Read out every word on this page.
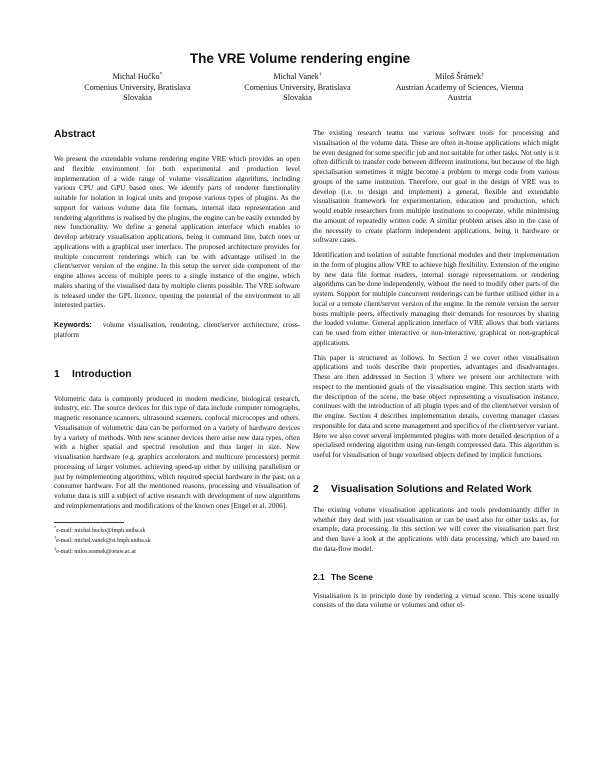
The VRE Volume rendering engine
Michal Hučko*
Comenius University, Bratislava
Slovakia
Michal Vanek†
Comenius University, Bratislava
Slovakia
Miloš Šrámek‡
Austrian Academy of Sciences, Vienna
Austria
Abstract

We present the extendable volume rendering engine VRE which provides an open and flexible environment for both experimental and production level implementation of a wide range of volume visualization algorithms, including various CPU and GPU based ones. We identify parts of renderer functionality suitable for isolation in logical units and propose various types of plugins. As the support for various volume data file formats, internal data representation and rendering algorithms is realised by the plugins, the engine can be easily extended by new functionality. We define a general application interface which enables to develop arbitrary visualisation applications, being it command line, batch ones or applications with a graphical user interface. The proposed architecture provides for multiple concurrent renderings which can be with advantage utilised in the client/server version of the engine. In this setup the server side component of the engine allows access of multiple peers to a single instance of the engine, which makes sharing of the visualised data by multiple clients possible. The VRE software is released under the GPL licence, opening the potential of the environment to all interested parties.

Keywords: volume visualisation, rendering, client/server architecture, cross-platform

1 Introduction

Volumetric data is commonly produced in modern medicine, biological research, industry, etc. The source devices for this type of data include computer tomographs, magnetic resonance scanners, ultrasound scanners, confocal microcopes and others. Visualisation of volumetric data can be performed on a variety of hardware devices by a variety of methods. With new scanner devices there arise new data types, often with a higher spatial and spectral resolution and thus larger in size. New visualisation hardware (e.g. graphics accelerators and multicore processors) permit processing of larger volumes, achieving speed-up either by utilising parallelism or just by reimplementing algorithms, which required special hardware in the past, on a consumer hardware. For all the mentioned reasons, processing and visualisation of volume data is still a subject of active research with development of new algorithms and reimplementations and modifications of the known ones [Engel et al. 2006].

*e-mail: michal.hucko@fmph.uniba.sk
†e-mail: michal.vanek@st.fmph.uniba.sk
‡e-mail: milos.sramek@oeaw.ac.at

The existing research teams use various software tools for processing and visualisation of the volume data. These are often in-house applications which might be even designed for some specific job and not suitable for other tasks. Not only is it often difficult to transfer code between different institutions, but because of the high specialisation sometimes it might become a problem to merge code from various groups of the same institution. Therefore, our goal in the design of VRE was to develop (i.e. to design and implement) a general, flexible and extendable visualisation framework for experimentation, education and production, which would enable researchers from multiple institutions to cooperate, while minimising the amount of repeatedly written code. A similar problem arises also in the case of the necessity to create platform independent applications, being it hardware or software cases.

Identification and isolation of suitable functional modules and their implementation in the form of plugins allow VRE to achieve high flexibility. Extension of the engine by new data file format readers, internal storage representations or rendering algorithms can be done independently, without the need to modify other parts of the system. Support for multiple concurrent renderings can be further utilised either in a local or a remote client/server version of the engine. In the remote version the server hosts multiple peers, effectively managing their demands for resources by sharing the loaded volume. General application interface of VRE allows that both variants can be used from either interactive or non-interactive, graphical or non-graphical applications.

This paper is structured as follows. In Section 2 we cover other visualisation applications and tools describe their properties, advantages and disadvantages. These are then addressed in Section 3 where we present our architecture with respect to the mentioned goals of the visualisation engine. This section starts with the description of the scene, the base object representing a visualisation instance, continues with the introduction of all plugin types and of the client/server version of the engine. Section 4 describes implementation details, covering manager classes responsible for data and scene management and specifics of the client/server variant. Here we also cover several implemented plugins with more detailed description of a specialised rendering algorithm using run-length compressed data. This algorithm is useful for visualisation of huge voxelised objects defined by implicit functions.

2 Visualisation Solutions and Related Work

The existing volume visualisation applications and tools predominantly differ in whether they deal with just visualisation or can be used also for other tasks as, for example, data processing. In this section we will cover the visualisation part first and then have a look at the applications with data processing, which are based on the data-flow model.

2.1 The Scene

Visualisation is in principle done by rendering a virtual scene. This scene usually consists of the data volume or volumes and other el-
